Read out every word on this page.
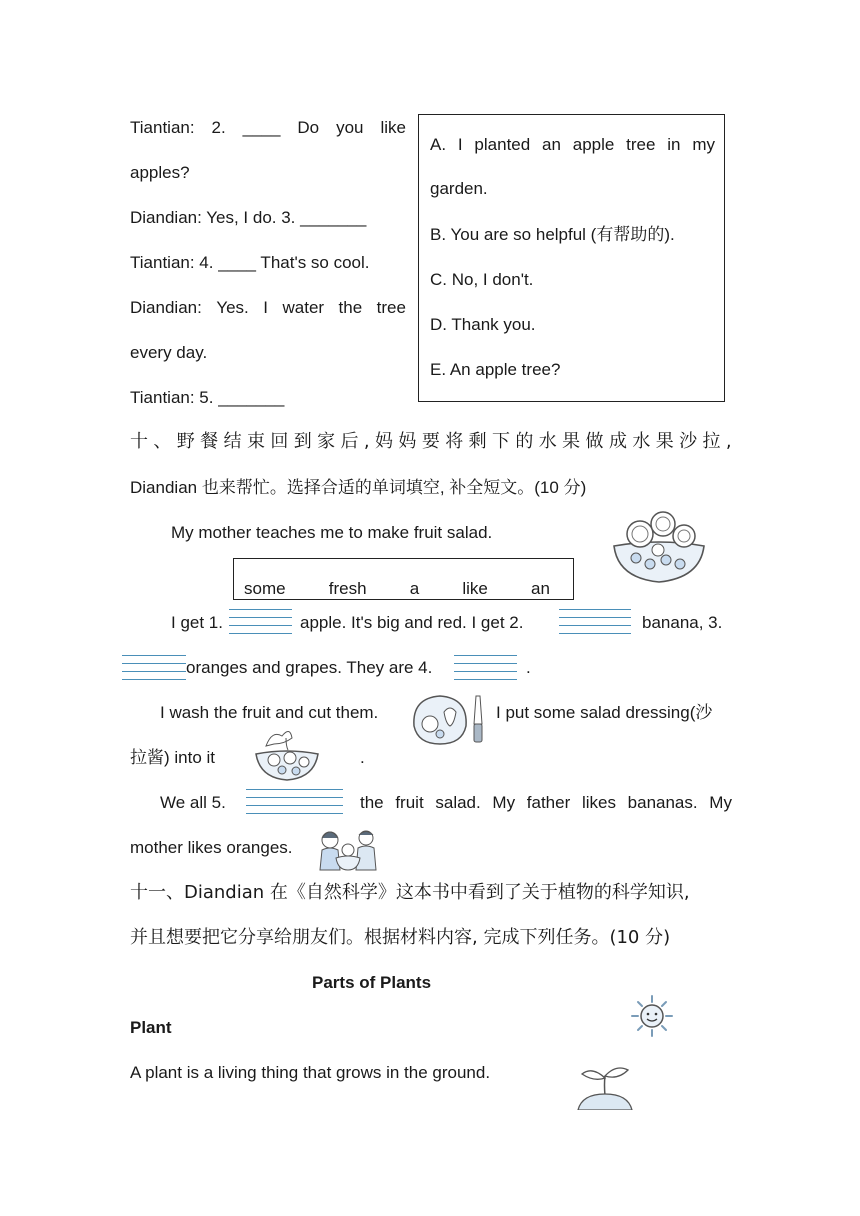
Tiantian: 2. ____ Do you like
apples?
Diandian: Yes, I do. 3. _______
Tiantian: 4. ____ That's so cool.
Diandian: Yes. I water the tree
every day.
Tiantian: 5. _______
A. I planted an apple tree in my
garden.
B. You are so helpful (有帮助的).
C. No, I don't.
D. Thank you.
E. An apple tree?
十 、 野 餐 结 束 回 到 家 后 , 妈 妈 要 将 剩 下 的 水 果 做 成 水 果 沙 拉 ,
Diandian 也来帮忙。选择合适的单词填空, 补全短文。(10 分)
My mother teaches me to make fruit salad.
some	fresh	a	like	an
I get 1.	apple. It's big and red. I get 2.	banana, 3.
oranges and grapes. They are 4.	.
I wash the fruit and cut them.	I put some salad dressing(沙
拉酱) into it	.
We all 5.	the fruit salad. My father likes bananas. My
mother likes oranges.
十一、Diandian 在《自然科学》这本书中看到了关于植物的科学知识,
并且想要把它分享给朋友们。根据材料内容, 完成下列任务。(10 分)
Parts of Plants
Plant
A plant is a living thing that grows in the ground.
